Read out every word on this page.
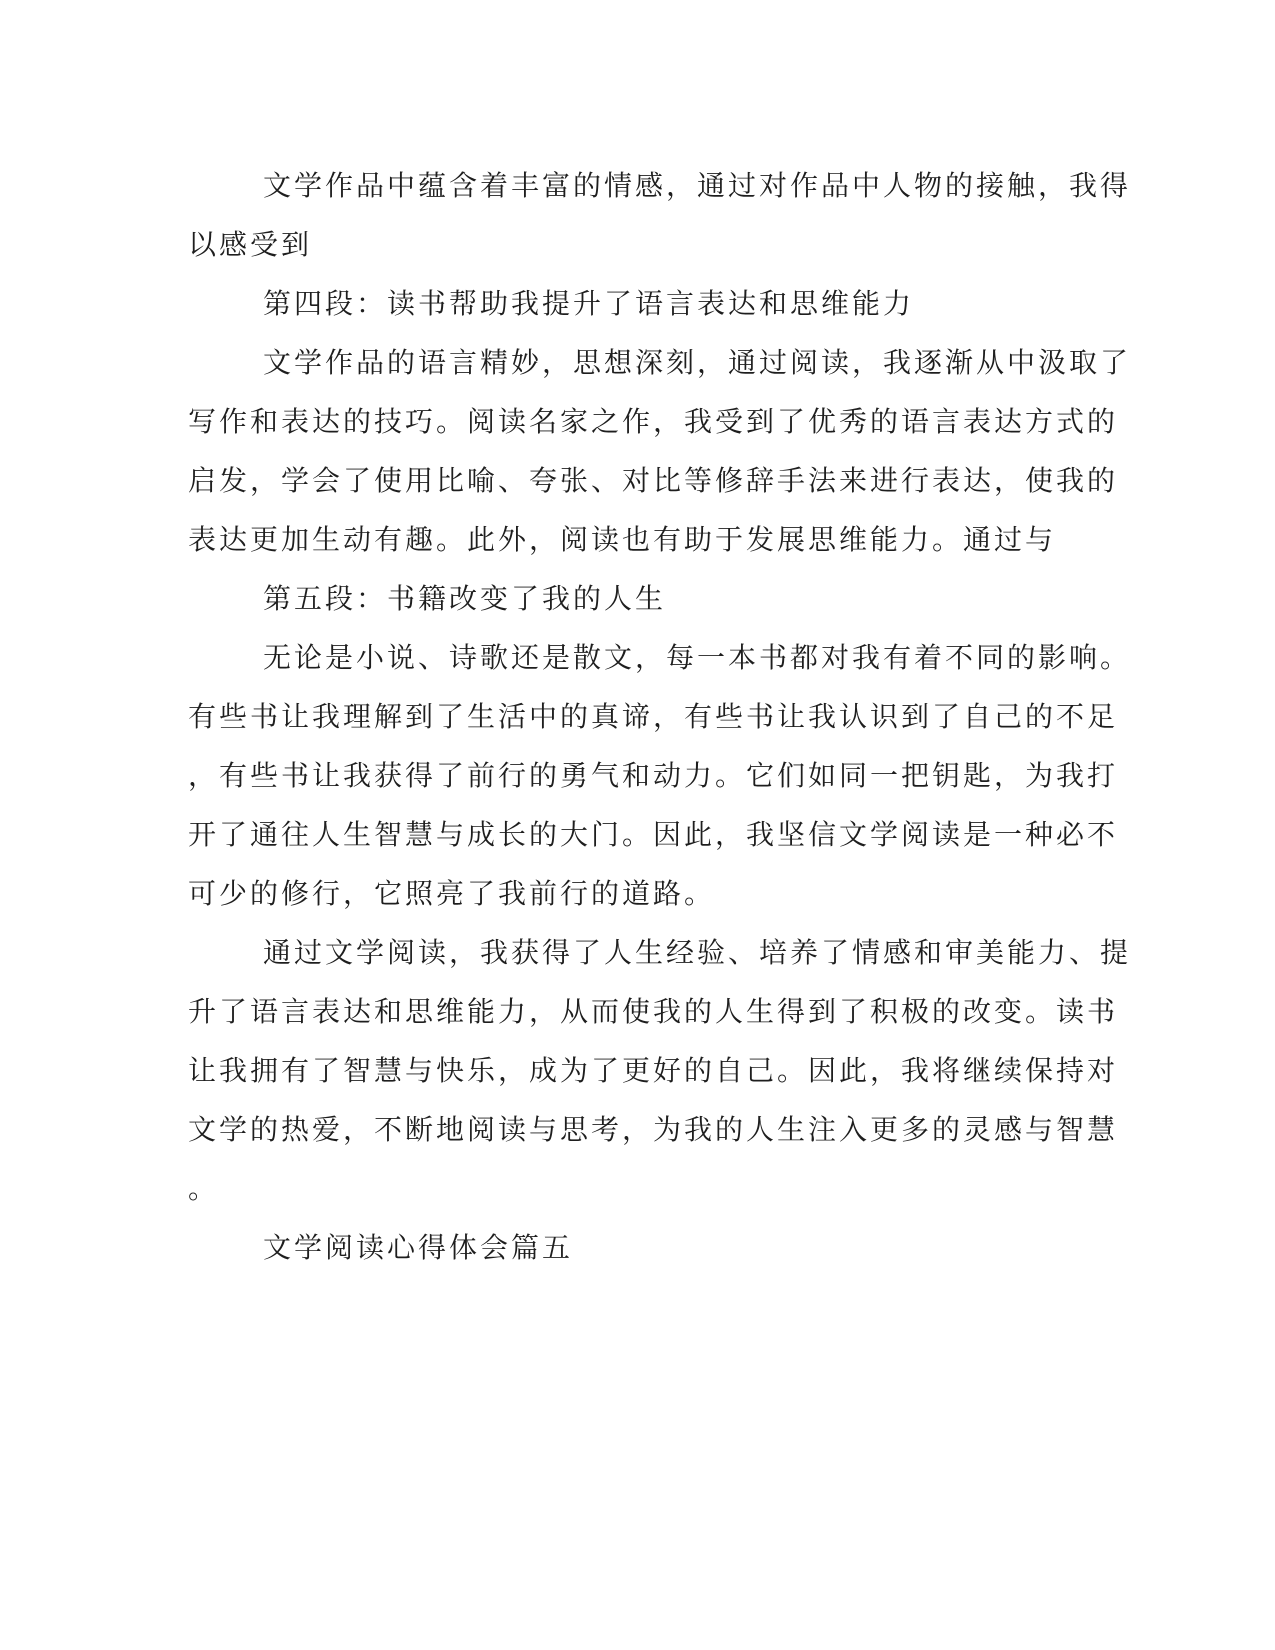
文学作品中蕴含着丰富的情感，通过对作品中人物的接触，我得
以感受到
第四段：读书帮助我提升了语言表达和思维能力
文学作品的语言精妙，思想深刻，通过阅读，我逐渐从中汲取了
写作和表达的技巧。阅读名家之作，我受到了优秀的语言表达方式的
启发，学会了使用比喻、夸张、对比等修辞手法来进行表达，使我的
表达更加生动有趣。此外，阅读也有助于发展思维能力。通过与
第五段：书籍改变了我的人生
无论是小说、诗歌还是散文，每一本书都对我有着不同的影响。
有些书让我理解到了生活中的真谛，有些书让我认识到了自己的不足
，有些书让我获得了前行的勇气和动力。它们如同一把钥匙，为我打
开了通往人生智慧与成长的大门。因此，我坚信文学阅读是一种必不
可少的修行，它照亮了我前行的道路。
通过文学阅读，我获得了人生经验、培养了情感和审美能力、提
升了语言表达和思维能力，从而使我的人生得到了积极的改变。读书
让我拥有了智慧与快乐，成为了更好的自己。因此，我将继续保持对
文学的热爱，不断地阅读与思考，为我的人生注入更多的灵感与智慧
。
文学阅读心得体会篇五
